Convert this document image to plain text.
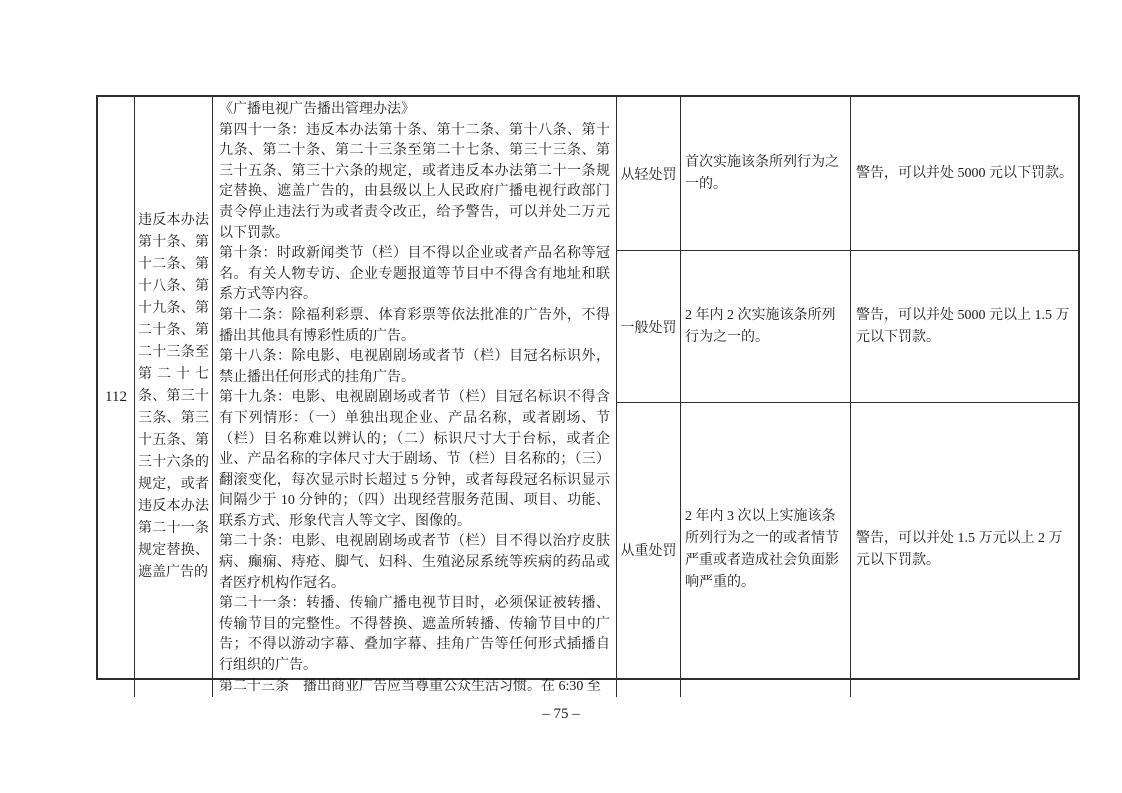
112
违反本办法第十条、第十二条、第十八条、第十九条、第二十条、第二十三条至第二十七条、第三十三条、第三十五条、第三十六条的规定，或者违反本办法第二十一条规定替换、遮盖广告的

《广播电视广告播出管理办法》

第四十一条：违反本办法第十条、第十二条、第十八条、第十九条、第二十条、第二十三条至第二十七条、第三十三条、第三十五条、第三十六条的规定，或者违反本办法第二十一条规定替换、遮盖广告的，由县级以上人民政府广播电视行政部门责令停止违法行为或者责令改正，给予警告，可以并处二万元以下罚款。

第十条：时政新闻类节（栏）目不得以企业或者产品名称等冠名。有关人物专访、企业专题报道等节目中不得含有地址和联系方式等内容。

第十二条：除福利彩票、体育彩票等依法批准的广告外，不得播出其他具有博彩性质的广告。

第十八条：除电影、电视剧剧场或者节（栏）目冠名标识外，禁止播出任何形式的挂角广告。

第十九条：电影、电视剧剧场或者节（栏）目冠名标识不得含有下列情形：（一）单独出现企业、产品名称，或者剧场、节（栏）目名称难以辨认的；（二）标识尺寸大于台标，或者企业、产品名称的字体尺寸大于剧场、节（栏）目名称的；（三）翻滚变化，每次显示时长超过 5 分钟，或者每段冠名标识显示间隔少于 10 分钟的；（四）出现经营服务范围、项目、功能、联系方式、形象代言人等文字、图像的。

第二十条：电影、电视剧剧场或者节（栏）目不得以治疗皮肤病、癫痫、痔疮、脚气、妇科、生殖泌尿系统等疾病的药品或者医疗机构作冠名。

第二十一条：转播、传输广播电视节目时，必须保证被转播、传输节目的完整性。不得替换、遮盖所转播、传输节目中的广告；不得以游动字幕、叠加字幕、挂角广告等任何形式插播自行组织的广告。

第二十三条　播出商业广告应当尊重公众生活习惯。在 6:30 至

从轻处罚
首次实施该条所列行为之一的。
警告，可以并处 5000 元以下罚款。
一般处罚
2 年内 2 次实施该条所列行为之一的。
警告，可以并处 5000 元以上 1.5 万元以下罚款。
从重处罚
2 年内 3 次以上实施该条所列行为之一的或者情节严重或者造成社会负面影响严重的。
警告，可以并处 1.5 万元以上 2 万元以下罚款。
– 75 –
